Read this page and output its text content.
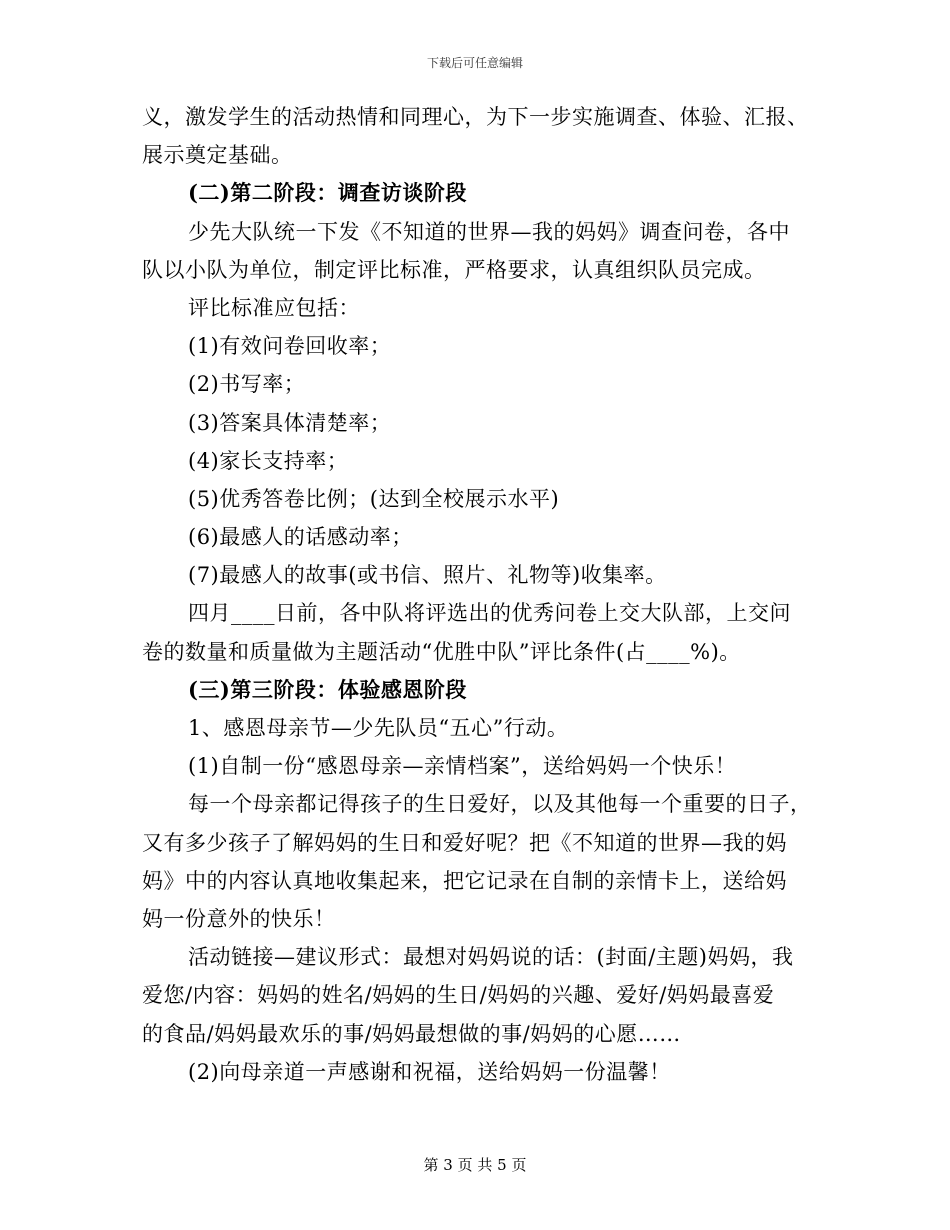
下载后可任意编辑
义，激发学生的活动热情和同理心，为下一步实施调查、体验、汇报、
展示奠定基础。
(二)第二阶段：调查访谈阶段
少先大队统一下发《不知道的世界—我的妈妈》调查问卷，各中
队以小队为单位，制定评比标准，严格要求，认真组织队员完成。
评比标准应包括：
(1)有效问卷回收率；
(2)书写率；
(3)答案具体清楚率；
(4)家长支持率；
(5)优秀答卷比例；(达到全校展示水平)
(6)最感人的话感动率；
(7)最感人的故事(或书信、照片、礼物等)收集率。
四月____日前，各中队将评选出的优秀问卷上交大队部，上交问
卷的数量和质量做为主题活动“优胜中队”评比条件(占____%)。
(三)第三阶段：体验感恩阶段
1、感恩母亲节—少先队员“五心”行动。
(1)自制一份“感恩母亲—亲情档案”，送给妈妈一个快乐！
每一个母亲都记得孩子的生日爱好，以及其他每一个重要的日子，
又有多少孩子了解妈妈的生日和爱好呢？把《不知道的世界—我的妈
妈》中的内容认真地收集起来，把它记录在自制的亲情卡上，送给妈
妈一份意外的快乐！
活动链接—建议形式：最想对妈妈说的话：(封面/主题)妈妈，我
爱您/内容：妈妈的姓名/妈妈的生日/妈妈的兴趣、爱好/妈妈最喜爱
的食品/妈妈最欢乐的事/妈妈最想做的事/妈妈的心愿……
(2)向母亲道一声感谢和祝福，送给妈妈一份温馨！
第 3 页 共 5 页
